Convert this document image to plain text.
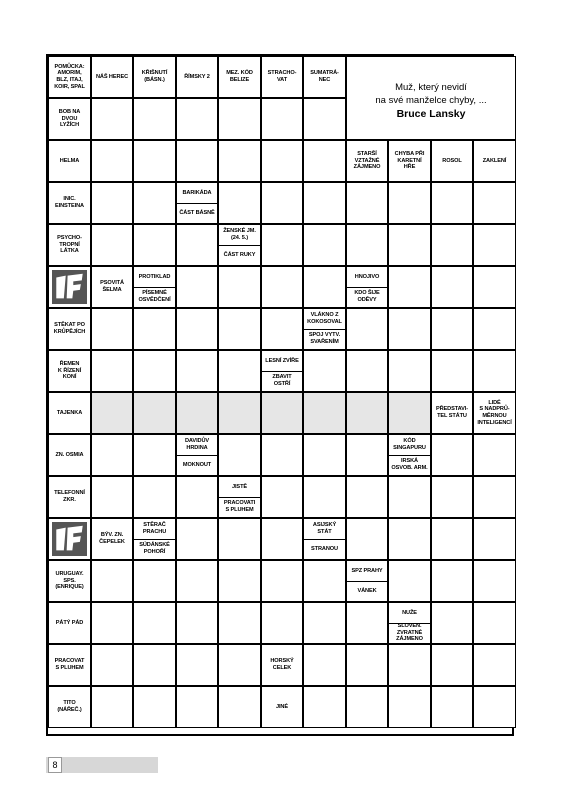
POMŮCKA:
AMORIM,
BLZ, ITAJ,
KOIR, SPAL
NÁŠ HEREC
KŘIŠNUTÍ
(BÁSN.)
ŘÍMSKY 2
MEZ. KÓD
BELIZE
STRACHO-
VAT
SUMATRÁ-
NEC
BOB NA
DVOU
LYŽÍCH
HELMA
STARŠÍ
VZTAŽNÉ
ZÁJMENO
CHYBA PŘI
KARETNÍ
HŘE
ROSOL	ZAKLENÍ
INIC.
EINSTEINA
BARIKÁDA
ČÁST BÁSNĚ
PSYCHO-
TROPNÍ
LÁTKA
ŽENSKÉ JM.
(24. 5.)
ČÁST RUKY
PSOVITÁ
ŠELMA
PROTIKLAD
PÍSEMNÉ
OSVĚDČENÍ
HNOJIVO
KDO ŠIJE
ODĚVY
STĚKAT PO
KRŮPĚJÍCH
VLÁKNO Z
KOKOSOVAL
SPOJ VYTV.
SVAŘENÍM
ŘEMEN
K ŘÍZENÍ
KONÍ
LESNÍ ZVÍŘE
ZBAVIT
OSTŘÍ
TAJENKA
PŘEDSTAVI-
TEL STÁTU
LIDÉ
S NADPRŮ-
MĚRNOU
INTELIGENCÍ
ZN. OSMIA
DAVIDŮV
HRDINA
MOKNOUT
KÓD
SINGAPURU
IRSKÁ
OSVOB. ARM.
TELEFONNÍ
ZKR.
JISTĚ
PRACOVATI
S PLUHEM
BÝV. ZN.
ČEPELEK
STĚRAČ
PRACHU
SÚDÁNSKÉ
POHOŘÍ
ASIJSKÝ
STÁT
STRANOU
URUGUAY.
SPS.
(ENRIQUE)
SPZ PRAHY
VÁNEK
PÁTÝ PÁD
NUŽE
SLOVEN.
ZVRATNÉ
ZÁJMENO
PRACOVAT
S PLUHEM
HORSKÝ
CELEK
TITO
(NÁŘEČ.)
JINÉ
Muž, který nevidí
na své manželce chyby, ...
Bruce Lansky
8
